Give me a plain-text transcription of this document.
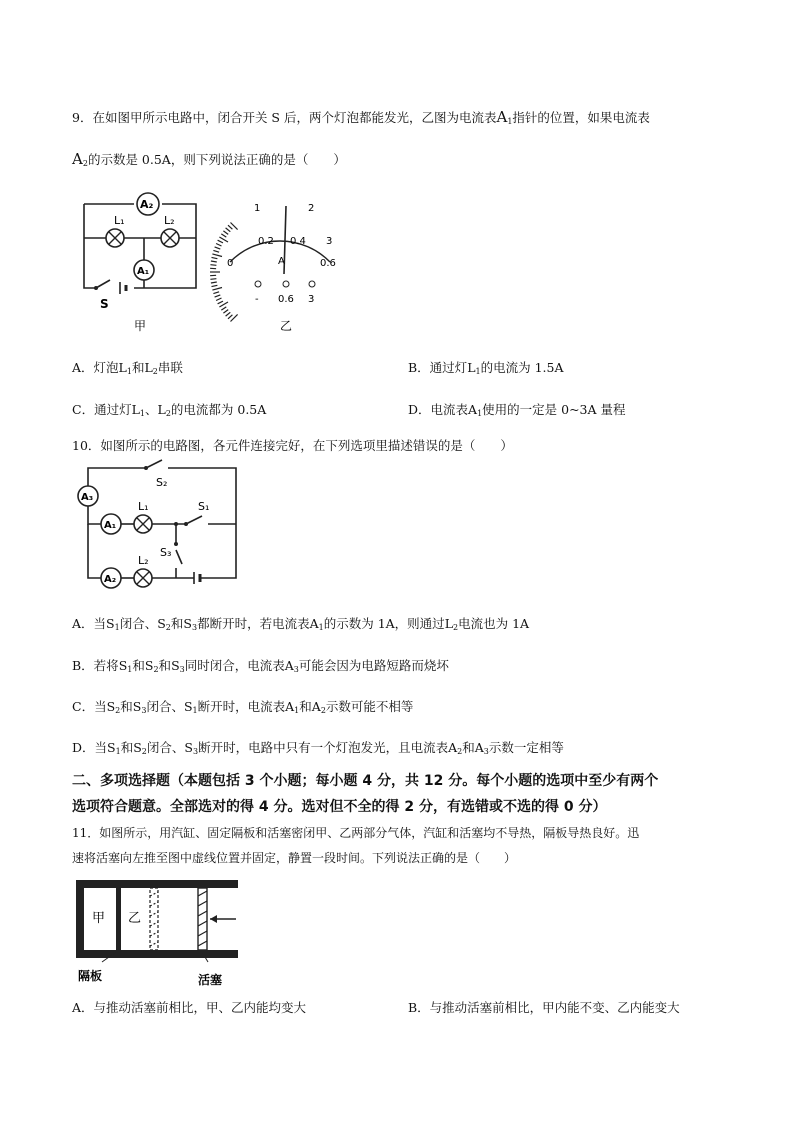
9．在如图甲所示电路中，闭合开关 S 后，两个灯泡都能发光，乙图为电流表$A_1$指针的位置，如果电流表
$A_2$的示数是 0.5A，则下列说法正确的是（　　）
A₂
L₁	L₂
A₁
S
甲
1	2
3
0
0.2 0.4
0.6
A
- 0.6 3
乙
A．灯泡$L_1$和$L_2$串联	B．通过灯$L_1$的电流为 1.5A
C．通过灯$L_1$、$L_2$的电流都为 0.5A	D．电流表$A_1$使用的一定是 0~3A 量程
10．如图所示的电路图，各元件连接完好，在下列选项里描述错误的是（　　）
A₃
A₁
L₁
A₂
L₂
S₂
S₁
S₃
A．当$S_1$闭合、$S_2$和$S_3$都断开时，若电流表$A_1$的示数为 1A，则通过$L_2$电流也为 1A
B．若将$S_1$和$S_2$和$S_3$同时闭合，电流表$A_3$可能会因为电路短路而烧坏
C．当$S_2$和$S_3$闭合、$S_1$断开时，电流表$A_1$和$A_2$示数可能不相等
D．当$S_1$和$S_2$闭合、$S_3$断开时，电路中只有一个灯泡发光，且电流表$A_2$和$A_3$示数一定相等
二、多项选择题（本题包括 3 个小题；每小题 4 分，共 12 分。每个小题的选项中至少有两个
选项符合题意。全部选对的得 4 分。选对但不全的得 2 分，有选错或不选的得 0 分）
11．如图所示，用汽缸、固定隔板和活塞密闭甲、乙两部分气体，汽缸和活塞均不导热，隔板导热良好。迅
速将活塞向左推至图中虚线位置并固定，静置一段时间。下列说法正确的是（　　）
甲 乙
隔板	活塞
A．与推动活塞前相比，甲、乙内能均变大	B．与推动活塞前相比，甲内能不变、乙内能变大
